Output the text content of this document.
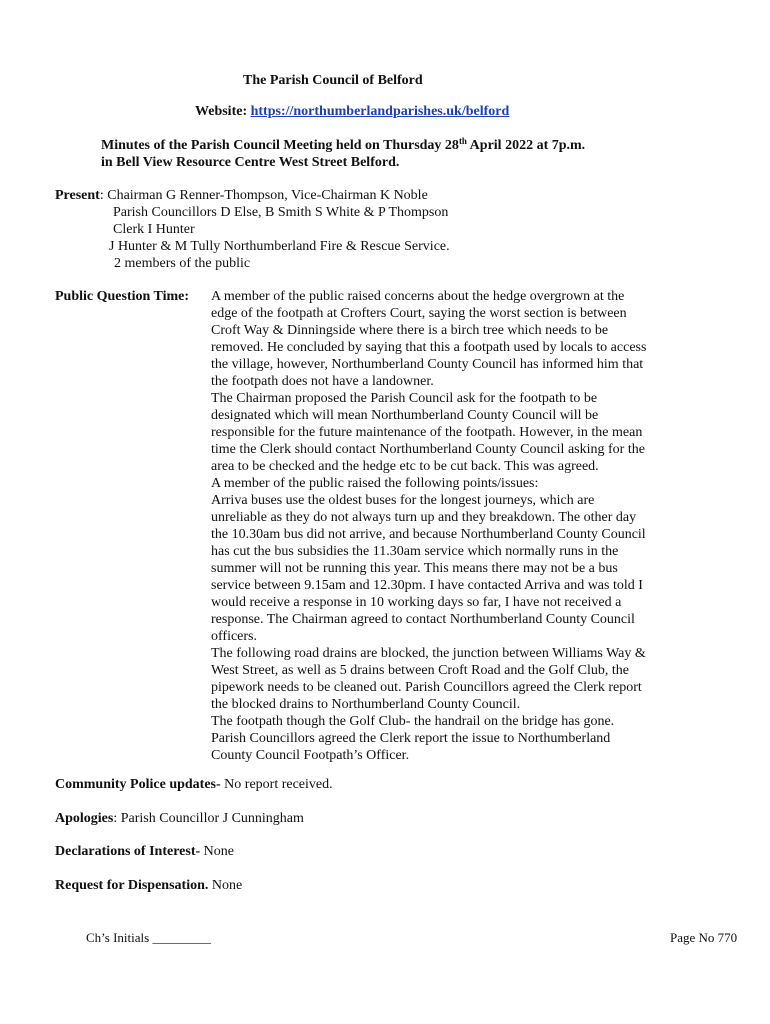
The Parish Council of Belford
Website: https://northumberlandparishes.uk/belford
Minutes of the Parish Council Meeting held on Thursday 28th April 2022 at 7p.m.
in Bell View Resource Centre West Street Belford.
Present: Chairman G Renner-Thompson, Vice-Chairman K Noble
Parish Councillors D Else, B Smith S White & P Thompson
Clerk I Hunter
J Hunter & M Tully Northumberland Fire & Rescue Service.
2 members of the public
Public Question Time: A member of the public raised concerns about the hedge overgrown at the
edge of the footpath at Crofters Court, saying the worst section is between
Croft Way & Dinningside where there is a birch tree which needs to be
removed. He concluded by saying that this a footpath used by locals to access
the village, however, Northumberland County Council has informed him that
the footpath does not have a landowner.
The Chairman proposed the Parish Council ask for the footpath to be
designated which will mean Northumberland County Council will be
responsible for the future maintenance of the footpath. However, in the mean
time the Clerk should contact Northumberland County Council asking for the
area to be checked and the hedge etc to be cut back. This was agreed.
A member of the public raised the following points/issues:
Arriva buses use the oldest buses for the longest journeys, which are
unreliable as they do not always turn up and they breakdown. The other day
the 10.30am bus did not arrive, and because Northumberland County Council
has cut the bus subsidies the 11.30am service which normally runs in the
summer will not be running this year. This means there may not be a bus
service between 9.15am and 12.30pm. I have contacted Arriva and was told I
would receive a response in 10 working days so far, I have not received a
response. The Chairman agreed to contact Northumberland County Council
officers.
The following road drains are blocked, the junction between Williams Way &
West Street, as well as 5 drains between Croft Road and the Golf Club, the
pipework needs to be cleaned out. Parish Councillors agreed the Clerk report
the blocked drains to Northumberland County Council.
The footpath though the Golf Club- the handrail on the bridge has gone.
Parish Councillors agreed the Clerk report the issue to Northumberland
County Council Footpath’s Officer.
Community Police updates- No report received.
Apologies: Parish Councillor J Cunningham
Declarations of Interest- None
Request for Dispensation. None
Ch’s Initials _________	Page No 770
